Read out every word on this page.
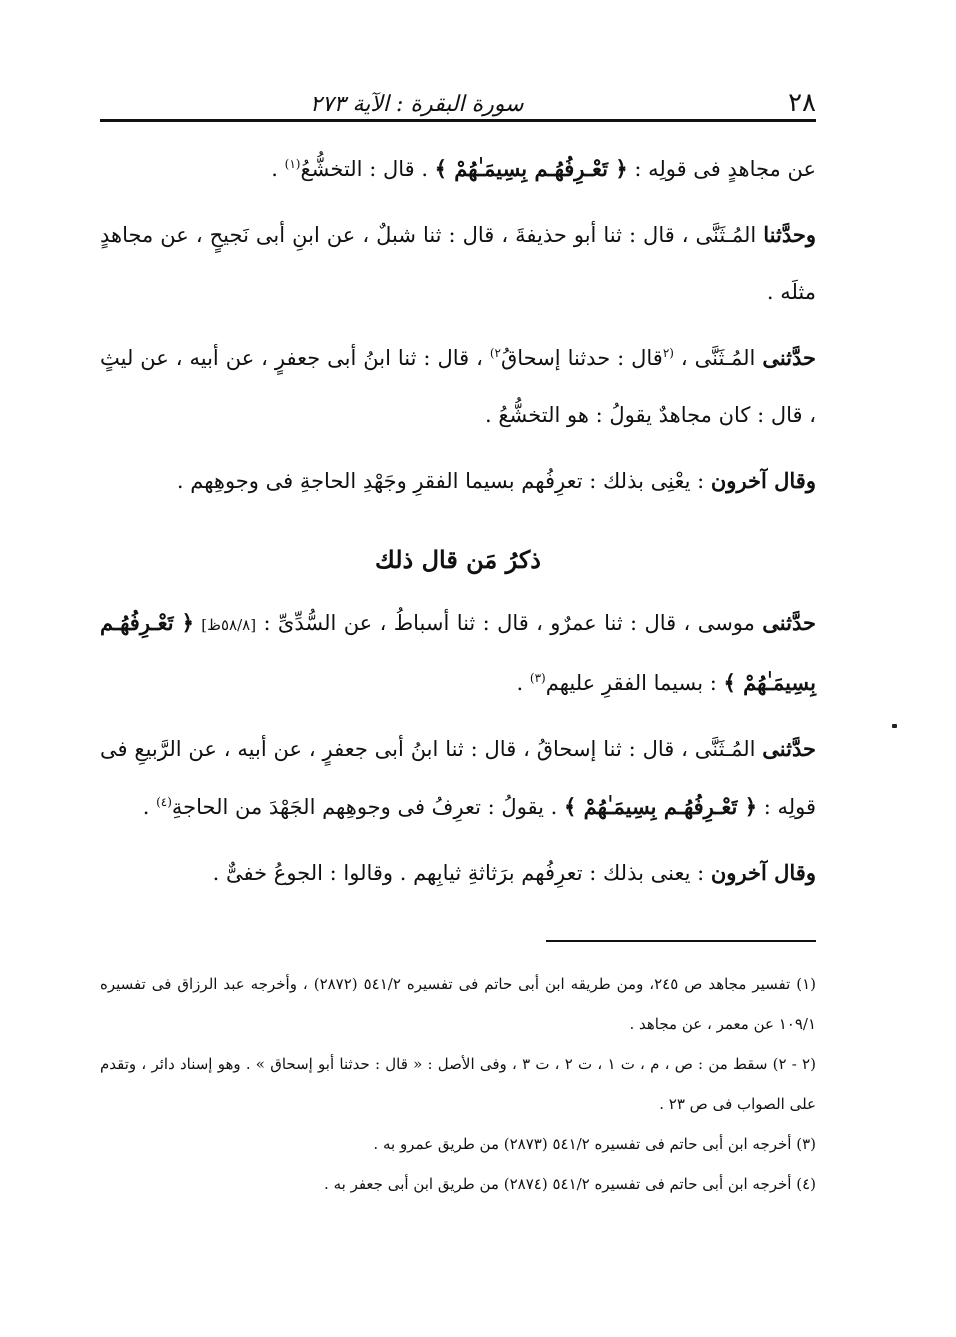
٢٨
سورة البقرة : الآية ٢٧٣

عن مجاهدٍ فى قولِه : ﴿ تَعْـرِفُهُـم بِسِيمَـٰهُمْ ﴾ . قال : التخشُّعُ$^{(١)}$ .

وحدَّثنا المُـثَنَّى ، قال : ثنا أبو حذيفةَ ، قال : ثنا شبلٌ ، عن ابنِ أبى نَجيحٍ ، عن مجاهدٍ مثلَه .

حدَّثنى المُـثَنَّى ، $^{(٢}$قال : حدثنا إسحاقُ$^{٢)}$ ، قال : ثنا ابنُ أبى جعفرٍ ، عن أبيه ، عن ليثٍ ، قال : كان مجاهدٌ يقولُ : هو التخشُّعُ .

وقال آخرون : يعْنِى بذلك : تعرِفُهم بسيما الفقرِ وجَهْدِ الحاجةِ فى وجوهِهم .

ذكرُ مَن قال ذلك

حدَّثنى موسى ، قال : ثنا عمرٌو ، قال : ثنا أسباطُ ، عن السُّدِّىِّ : [٥٨/٨ظ] ﴿ تَعْـرِفُهُـم بِسِيمَـٰهُمْ ﴾ : بسيما الفقرِ عليهم$^{(٣)}$ .

حدَّثنى المُـثَنَّى ، قال : ثنا إسحاقُ ، قال : ثنا ابنُ أبى جعفرٍ ، عن أبيه ، عن الرَّبيعِ فى قولِه : ﴿ تَعْـرِفُهُـم بِسِيمَـٰهُمْ ﴾ . يقولُ : تعرِفُ فى وجوهِهم الجَهْدَ من الحاجةِ$^{(٤)}$ .

وقال آخرون : يعنى بذلك : تعرِفُهم برَثاثةِ ثيابِهم . وقالوا : الجوعُ خفىٌّ .

(١) تفسير مجاهد ص ٢٤٥، ومن طريقه ابن أبى حاتم فى تفسيره ٥٤١/٢ (٢٨٧٢) ، وأخرجه عبد الرزاق فى تفسيره ١٠٩/١ عن معمر ، عن مجاهد .

(٢ - ٢) سقط من : ص ، م ، ت ١ ، ت ٢ ، ت ٣ ، وفى الأصل : « قال : حدثنا أبو إسحاق » . وهو إسناد دائر ، وتقدم على الصواب فى ص ٢٣ .

(٣) أخرجه ابن أبى حاتم فى تفسيره ٥٤١/٢ (٢٨٧٣) من طريق عمرو به .

(٤) أخرجه ابن أبى حاتم فى تفسيره ٥٤١/٢ (٢٨٧٤) من طريق ابن أبى جعفر به .
